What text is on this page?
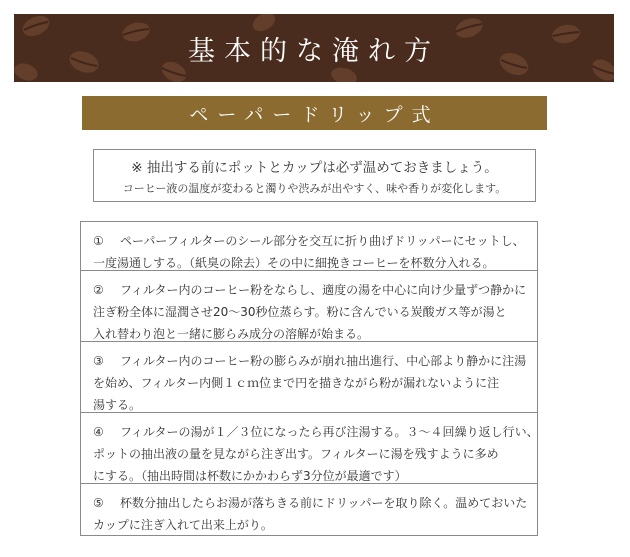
基本的な淹れ方
ペーパードリップ式
※ 抽出する前にポットとカップは必ず温めておきましょう。
コーヒー液の温度が変わると濁りや渋みが出やすく、味や香りが変化します。
①	ペーパーフィルターのシール部分を交互に折り曲げドリッパーにセットし、
一度湯通しする。（紙臭の除去）その中に細挽きコーヒーを杯数分入れる。
②	フィルター内のコーヒー粉をならし、適度の湯を中心に向け少量ずつ静かに
注ぎ粉全体に湿潤させ20～30秒位蒸らす。粉に含んでいる炭酸ガス等が湯と
入れ替わり泡と一緒に膨らみ成分の溶解が始まる。
③	フィルター内のコーヒー粉の膨らみが崩れ抽出進行、中心部より静かに注湯
を始め、フィルター内側１ｃｍ位まで円を描きながら粉が漏れないように注
湯する。
④	フィルターの湯が１／３位になったら再び注湯する。３～４回繰り返し行い、
ポットの抽出液の量を見ながら注ぎ出す。フィルターに湯を残すように多め
にする。（抽出時間は杯数にかかわらず3分位が最適です）
⑤	杯数分抽出したらお湯が落ちきる前にドリッパーを取り除く。温めておいた
カップに注ぎ入れて出来上がり。
